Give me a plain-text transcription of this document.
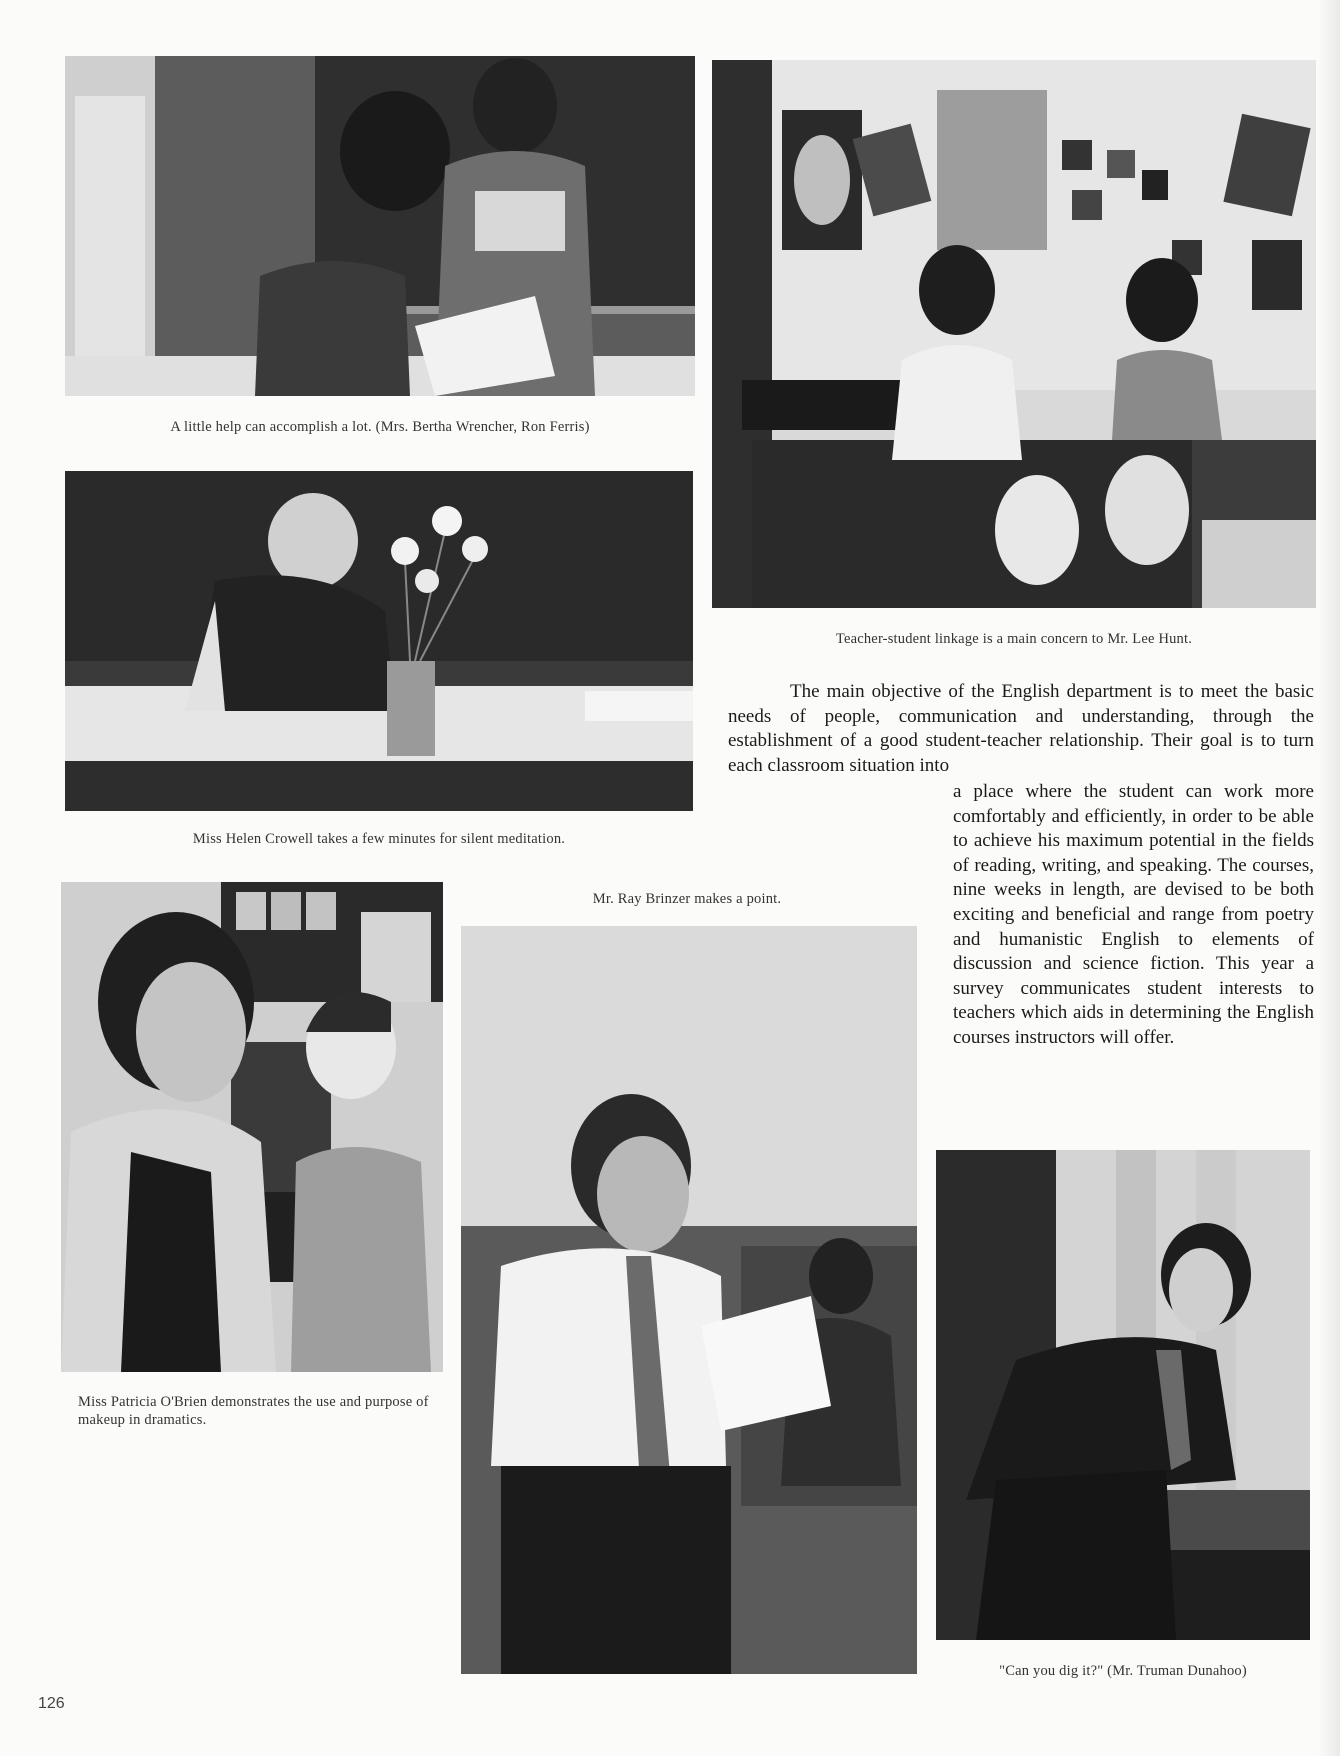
A little help can accomplish a lot. (Mrs. Bertha Wrencher, Ron Ferris)
Teacher-student linkage is a main concern to Mr. Lee Hunt.
Miss Helen Crowell takes a few minutes for silent meditation.
Miss Patricia O'Brien demonstrates the use and purpose of makeup in dramatics.
Mr. Ray Brinzer makes a point.
"Can you dig it?" (Mr. Truman Dunahoo)

The main objective of the English department is to meet the basic needs of people, communication and understanding, through the establishment of a good student-teacher relationship. Their goal is to turn each classroom situation into

a place where the student can work more comfortably and efficiently, in order to be able to achieve his maximum potential in the fields of reading, writing, and speaking. The courses, nine weeks in length, are devised to be both exciting and beneficial and range from poetry and humanistic English to elements of discussion and science fiction. This year a survey communicates student interests to teachers which aids in determining the English courses instructors will offer.

126
